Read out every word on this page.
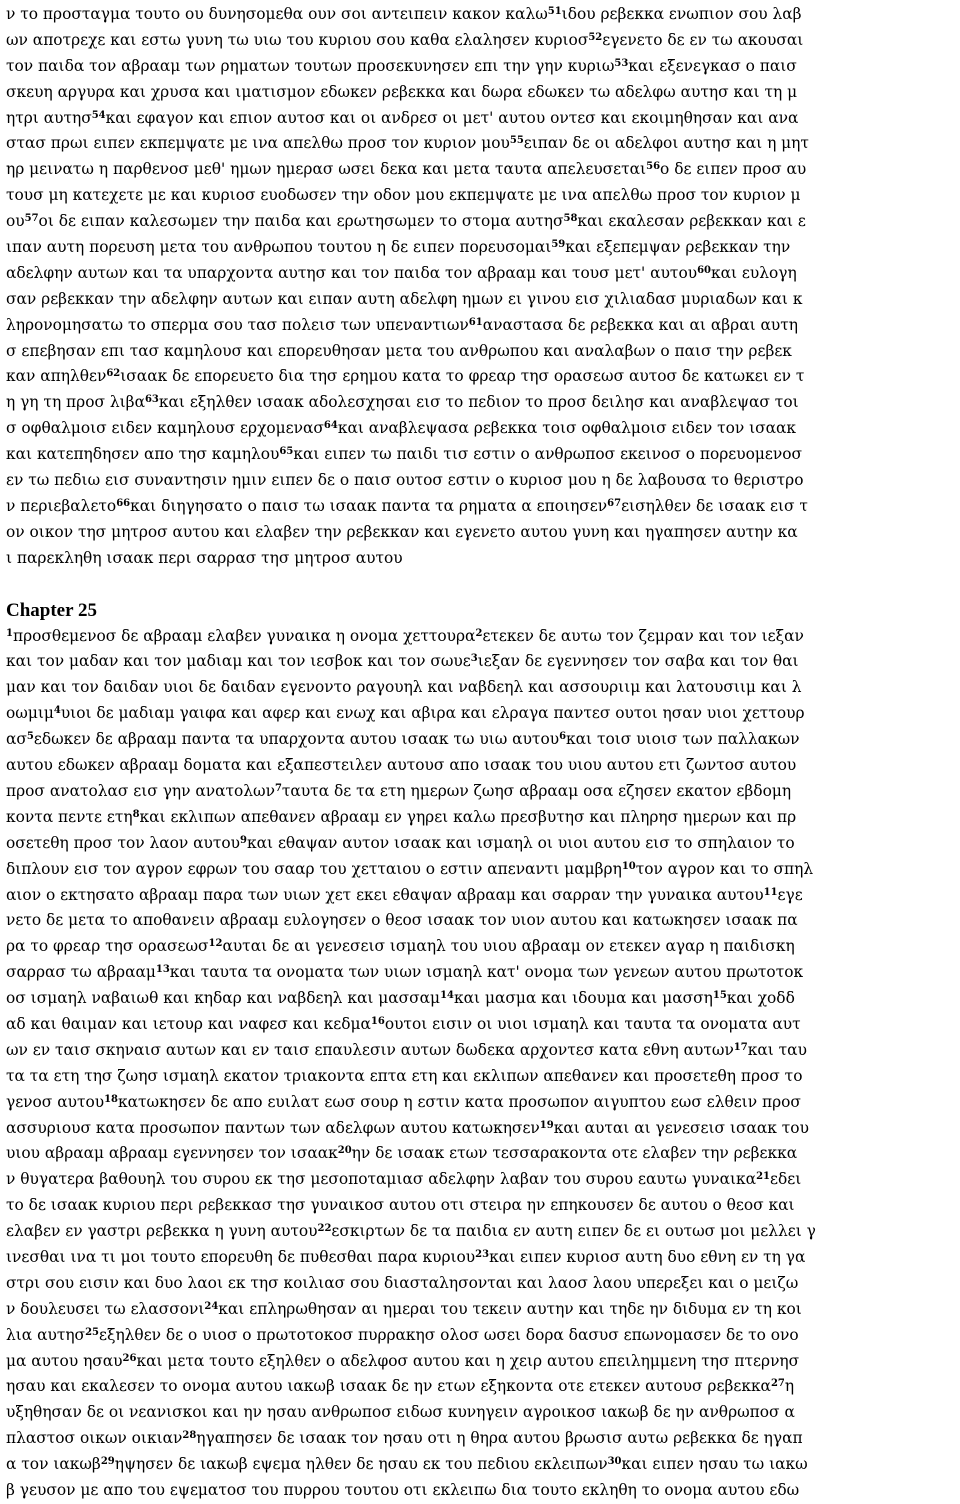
ν το προσταγμα τουτο ου δυνησομεθα ουν σοι αντειπειν κακον καλω$^{51}$ιδου ρεβεκκα ενωπιον σου λαβ
ων αποτρεχε και εστω γυνη τω υιω του κυριου σου καθα ελαλησεν κυριοσ$^{52}$εγενετο δε εν τω ακουσαι
τον παιδα τον αβρααμ των ρηματων τουτων προσεκυνησεν επι την γην κυριω$^{53}$και εξενεγκασ ο παισ
σκευη αργυρα και χρυσα και ιματισμον εδωκεν ρεβεκκα και δωρα εδωκεν τω αδελφω αυτησ και τη μ
ητρι αυτησ$^{54}$και εφαγον και επιον αυτοσ και οι ανδρεσ οι μετ' αυτου οντεσ και εκοιμηθησαν και ανα
στασ πρωι ειπεν εκπεμψατε με ινα απελθω προσ τον κυριον μου$^{55}$ειπαν δε οι αδελφοι αυτησ και η μητ
ηρ μεινατω η παρθενοσ μεθ' ημων ημερασ ωσει δεκα και μετα ταυτα απελευσεται$^{56}$ο δε ειπεν προσ αυ
τουσ μη κατεχετε με και κυριοσ ευοδωσεν την οδον μου εκπεμψατε με ινα απελθω προσ τον κυριον μ
$o\upsilon^{57}o\iota$ δε ειπαν καλεσωμεν την παιδα και ερωτησωμεν το στομα αυτησ$^{58}$και εκαλεσαν ρεβεκκαν και ε
ιπαν αυτη πορευση μετα του ανθρωπου τουτου η δε ειπεν πορευσομαι$^{59}$και εξεπεμψαν ρεβεκκαν την
αδελφην αυτων και τα υπαρχοντα αυτησ και τον παιδα τον αβρααμ και τουσ μετ' αυτου$^{60}$και ευλογη
σαν ρεβεκκαν την αδελφην αυτων και ειπαν αυτη αδελφη ημων ει γινου εισ χιλιαδασ μυριαδων και κ
ληρονομησατω το σπερμα σου τασ πολεισ των υπεναντιων$^{61}$αναστασα δε ρεβεκκα και αι αβραι αυτη
σ επεβησαν επι τασ καμηλουσ και επορευθησαν μετα του ανθρωπου και αναλαβων ο παισ την ρεβεκ
καν απηλθεν$^{62}$ισαακ δε επορευετο δια τησ ερημου κατα το φρεαρ τησ ορασεωσ αυτοσ δε κατωκει εν τ
η γη τη προσ λιβα$^{63}$και εξηλθεν ισαακ αδολεσχησαι εισ το πεδιον το προσ δειλησ και αναβλεψασ τοι
σ οφθαλμοισ ειδεν καμηλουσ ερχομενασ$^{64}$και αναβλεψασα ρεβεκκα τοισ οφθαλμοισ ειδεν τον ισαακ
και κατεπηδησεν απο τησ καμηλου$^{65}$και ειπεν τω παιδι τισ εστιν ο ανθρωποσ εκεινοσ ο πορευομενοσ
εν τω πεδιω εισ συναντησιν ημιν ειπεν δε ο παισ ουτοσ εστιν ο κυριοσ μου η δε λαβουσα το θεριστρο
ν περιεβαλετο$^{66}$και διηγησατο ο παισ τω ισαακ παντα τα ρηματα α εποιησεν$^{67}$εισηλθεν δε ισαακ εισ τ
ον οικον τησ μητροσ αυτου και ελαβεν την ρεβεκκαν και εγενετο αυτου γυνη και ηγαπησεν αυτην κα
ι παρεκληθη ισαακ περι σαρρασ τησ μητροσ αυτου
Chapter 25
$^1$προσθεμενοσ δε αβρααμ ελαβεν γυναικα η ονομα χεττουρα$^2$ετεκεν δε αυτω τον ζεμραν και τον ιεξαν
και τον μαδαν και τον μαδιαμ και τον ιεσβοκ και τον σωυε$^3$ιεξαν δε εγεννησεν τον σαβα και τον θαι
μαν και τον δαιδαν υιοι δε δαιδαν εγενοντο ραγουηλ και ναβδεηλ και ασσουριιμ και λατουσιιμ και λ
οωμιμ$^4$υιοι δε μαδιαμ γαιφα και αφερ και ενωχ και αβιρα και ελραγα παντεσ ουτοι ησαν υιοι χεττουρ
$\alpha\sigma^5\varepsilon\delta\omega\kappa\varepsilon\nu$ δε αβρααμ παντα τα υπαρχοντα αυτου ισαακ τω υιω αυτου$^6$και τοισ υιοισ των παλλακων
αυτου εδωκεν αβρααμ δοματα και εξαπεστειλεν αυτουσ απο ισαακ του υιου αυτου ετι ζωντοσ αυτου
προσ ανατολασ εισ γην ανατολων$^7$ταυτα δε τα ετη ημερων ζωησ αβρααμ οσα εζησεν εκατον εβδομη
κοντα πεντε ετη$^8$και εκλιπων απεθανεν αβρααμ εν γηρει καλω πρεσβυτησ και πληρησ ημερων και πρ
οσετεθη προσ τον λαον αυτου$^9$και εθαψαν αυτον ισαακ και ισμαηλ οι υιοι αυτου εισ το σπηλαιον το
διπλουν εισ τον αγρον εφρων του σααρ του χετταιου ο εστιν απεναντι μαμβρη$^{10}$τον αγρον και το σπηλ
αιον ο εκτησατο αβρααμ παρα των υιων χετ εκει εθαψαν αβρααμ και σαρραν την γυναικα αυτου$^{11}$εγε
νετο δε μετα το αποθανειν αβρααμ ευλογησεν ο θεοσ ισαακ τον υιον αυτου και κατωκησεν ισαακ πα
ρα το φρεαρ τησ ορασεωσ$^{12}$αυται δε αι γενεσεισ ισμαηλ του υιου αβρααμ ον ετεκεν αγαρ η παιδισκη
σαρρασ τω αβρααμ$^{13}$και ταυτα τα ονοματα των υιων ισμαηλ κατ' ονομα των γενεων αυτου πρωτοτοκ
οσ ισμαηλ ναβαιωθ και κηδαρ και ναβδεηλ και μασσαμ$^{14}$και μασμα και ιδουμα και μασση$^{15}$και χοδδ
αδ και θαιμαν και ιετουρ και ναφεσ και κεδμα$^{16}$ουτοι εισιν οι υιοι ισμαηλ και ταυτα τα ονοματα αυτ
ων εν ταισ σκηναισ αυτων και εν ταισ επαυλεσιν αυτων δωδεκα αρχοντεσ κατα εθνη αυτων$^{17}$και ταυ
τα τα ετη τησ ζωησ ισμαηλ εκατον τριακοντα επτα ετη και εκλιπων απεθανεν και προσετεθη προσ το
γενοσ αυτου$^{18}$κατωκησεν δε απο ευιλατ εωσ σουρ η εστιν κατα προσωπον αιγυπτου εωσ ελθειν προσ
ασσυριουσ κατα προσωπον παντων των αδελφων αυτου κατωκησεν$^{19}$και αυται αι γενεσεισ ισαακ του
υιου αβρααμ αβρααμ εγεννησεν τον ισαακ$^{20}$ην δε ισαακ ετων τεσσαρακοντα οτε ελαβεν την ρεβεκκα
ν θυγατερα βαθουηλ του συρου εκ τησ μεσοποταμιασ αδελφην λαβαν του συρου εαυτω γυναικα$^{21}$εδει
το δε ισαακ κυριου περι ρεβεκκασ τησ γυναικοσ αυτου οτι στειρα ην επηκουσεν δε αυτου ο θεοσ και
ελαβεν εν γαστρι ρεβεκκα η γυνη αυτου$^{22}$εσκιρτων δε τα παιδια εν αυτη ειπεν δε ει ουτωσ μοι μελλει γ
ινεσθαι ινα τι μοι τουτο επορευθη δε πυθεσθαι παρα κυριου$^{23}$και ειπεν κυριοσ αυτη δυο εθνη εν τη γα
στρι σου εισιν και δυο λαοι εκ τησ κοιλιασ σου διασταλησονται και λαοσ λαου υπερεξει και ο μειζω
ν δουλευσει τω ελασσονι$^{24}$και επληρωθησαν αι ημεραι του τεκειν αυτην και τηδε ην διδυμα εν τη κοι
λια αυτησ$^{25}$εξηλθεν δε ο υιοσ ο πρωτοτοκοσ πυρρακησ ολοσ ωσει δορα δασυσ επωνομασεν δε το ονο
μα αυτου ησαυ$^{26}$και μετα τουτο εξηλθεν ο αδελφοσ αυτου και η χειρ αυτου επειλημμενη τησ πτερνησ
ησαυ και εκαλεσεν το ονομα αυτου ιακωβ ισαακ δε ην ετων εξηκοντα οτε ετεκεν αυτουσ ρεβεκκα$^{27}$η
υξηθησαν δε οι νεανισκοι και ην ησαυ ανθρωποσ ειδωσ κυνηγειν αγροικοσ ιακωβ δε ην ανθρωποσ α
πλαστοσ οικων οικιαν$^{28}$ηγαπησεν δε ισαακ τον ησαυ οτι η θηρα αυτου βρωσισ αυτω ρεβεκκα δε ηγαπ
α τον ιακωβ$^{29}$ηψησεν δε ιακωβ εψεμα ηλθεν δε ησαυ εκ του πεδιου εκλειπων$^{30}$και ειπεν ησαυ τω ιακω
β γευσον με απο του εψεματοσ του πυρρου τουτου οτι εκλειπω δια τουτο εκληθη το ονομα αυτου εδω
